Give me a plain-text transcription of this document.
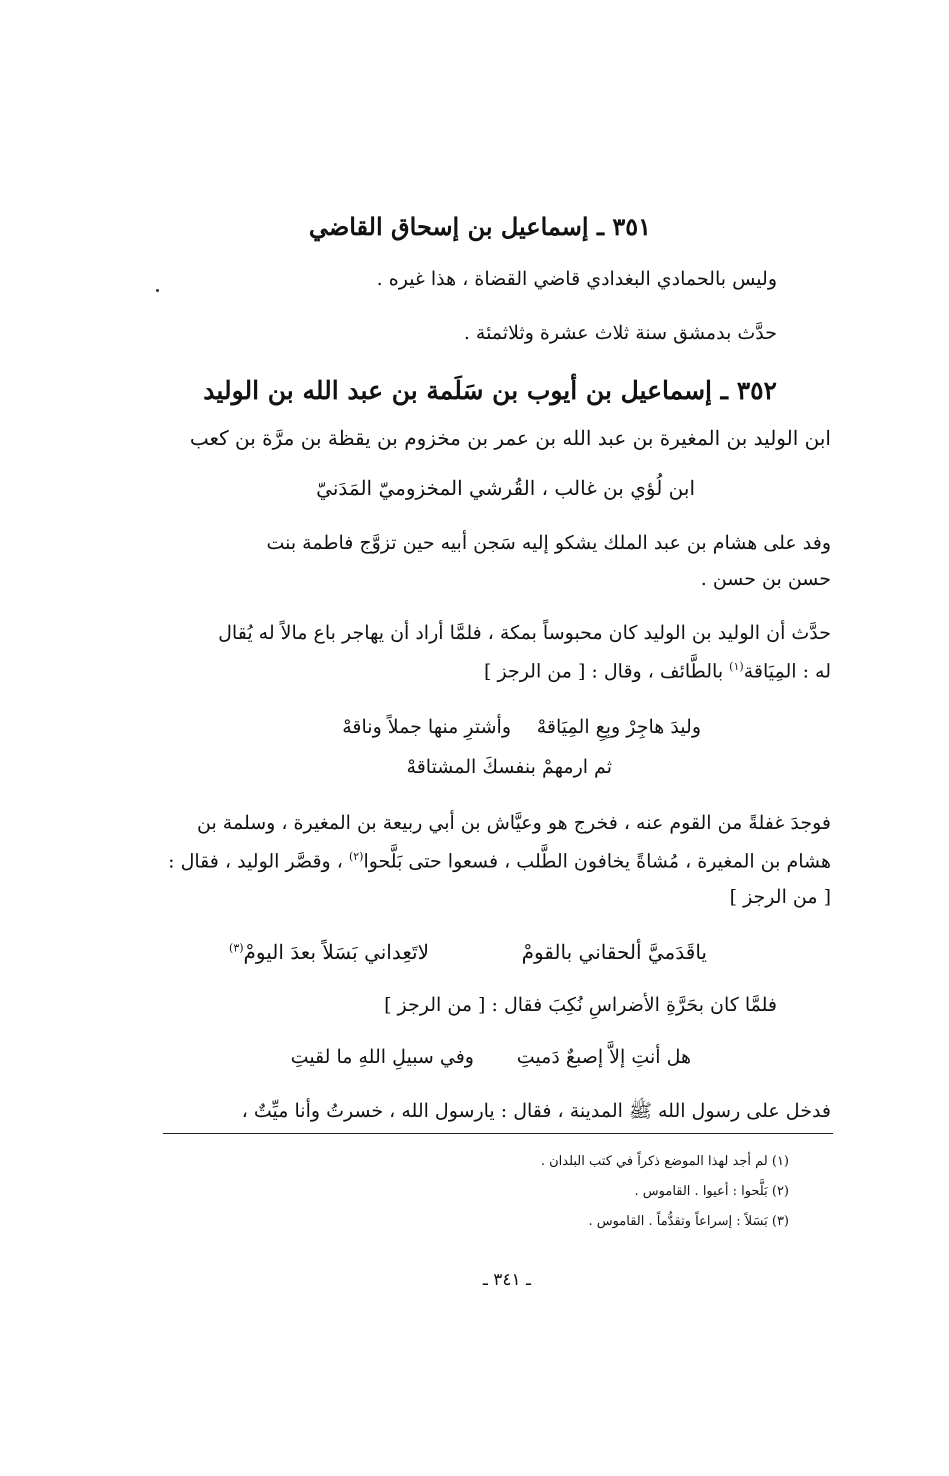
٣٥١ ـ إسماعيل بن إسحاق القاضي
وليس بالحمادي البغدادي قاضي القضاة ، هذا غيره .
حدَّث بدمشق سنة ثلاث عشرة وثلاثمئة .
٣٥٢ ـ إسماعيل بن أيوب بن سَلَمة بن عبد الله بن الوليد
ابن الوليد بن المغيرة بن عبد الله بن عمر بن مخزوم بن يقظة بن مرَّة بن كعب
ابن لُؤي بن غالب ، القُرشي المخزوميّ المَدَنيّ
وفد على هشام بن عبد الملك يشكو إليه سَجن أبيه حين تزوَّج فاطمة بنت
حسن بن حسن .
حدَّث أن الوليد بن الوليد كان محبوساً بمكة ، فلمَّا أراد أن يهاجر باع مالاً له يُقال
له : المِيَاقة$^{(١)}$ بالطَّائف ، وقال : [ من الرجز ]
وليدَ هاجِرْ وبِعِ المِيَاقهْ
وأشترِ منها جملاً وناقهْ
ثم ارمهمْ بنفسكَ المشتاقهْ
فوجدَ غفلةً من القوم عنه ، فخرج هو وعيَّاش بن أبي ربيعة بن المغيرة ، وسلمة بن
هشام بن المغيرة ، مُشاةً يخافون الطَّلب ، فسعوا حتى بَلَّحوا$^{(٢)}$ ، وقصَّر الوليد ، فقال :
[ من الرجز ]
ياقَدَميَّ ألحقاني بالقومْ
لاتَعِداني بَسَلاً بعدَ اليومْ$^{(٣)}$
فلمَّا كان بحَرَّةِ الأضراسِ نُكِبَ فقال : [ من الرجز ]
هل أنتِ إلاَّ إصبعٌ دَميتِ
وفي سبيلِ اللهِ ما لقيتِ
فدخل على رسول الله ﷺ المدينة ، فقال : يارسول الله ، خسرتُ وأنا ميِّتٌ ،
(١) لم أجد لهذا الموضع ذكراً في كتب البلدان .
(٢) بَلَّحوا : أعيوا . القاموس .
(٣) بَسَلاً : إسراعاً وتقدُّماً . القاموس .
ـ ٣٤١ ـ
